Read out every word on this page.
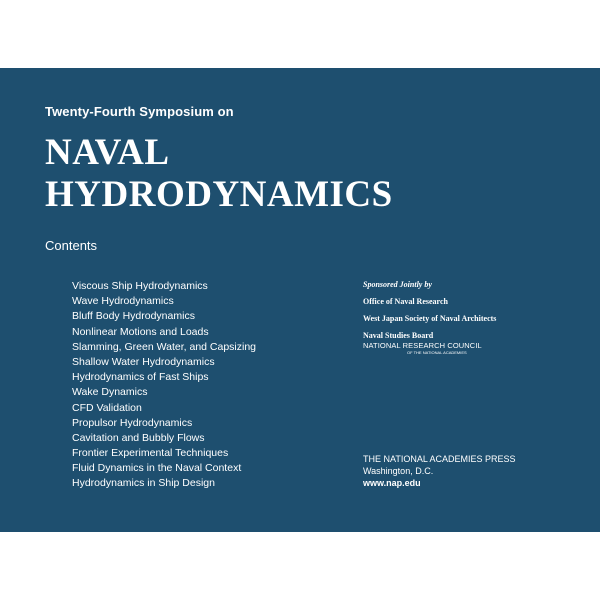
Twenty-Fourth Symposium on
NAVAL
HYDRODYNAMICS
Contents
Viscous Ship Hydrodynamics
Wave Hydrodynamics
Bluff Body Hydrodynamics
Nonlinear Motions and Loads
Slamming, Green Water, and Capsizing
Shallow Water Hydrodynamics
Hydrodynamics of Fast Ships
Wake Dynamics
CFD Validation
Propulsor Hydrodynamics
Cavitation and Bubbly Flows
Frontier Experimental Techniques
Fluid Dynamics in the Naval Context
Hydrodynamics in Ship Design
Sponsored Jointly by
Office of Naval Research
West Japan Society of Naval Architects
Naval Studies Board
NATIONAL RESEARCH COUNCIL
OF THE NATIONAL ACADEMIES
THE NATIONAL ACADEMIES PRESS
Washington, D.C.
www.nap.edu
